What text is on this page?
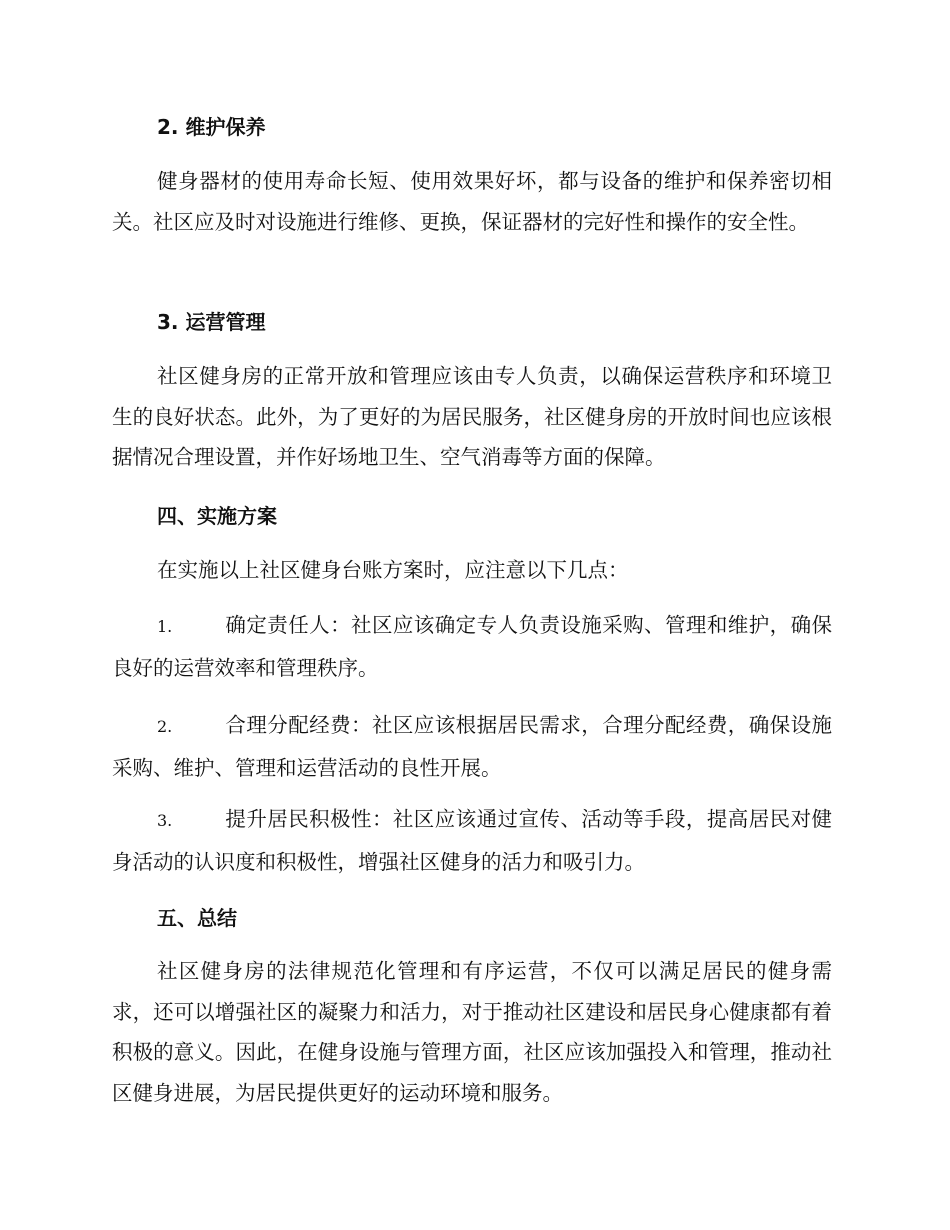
2. 维护保养

健身器材的使用寿命长短、使用效果好坏，都与设备的维护和保养密切相关。社区应及时对设施进行维修、更换，保证器材的完好性和操作的安全性。

3. 运营管理

社区健身房的正常开放和管理应该由专人负责，以确保运营秩序和环境卫生的良好状态。此外，为了更好的为居民服务，社区健身房的开放时间也应该根据情况合理设置，并作好场地卫生、空气消毒等方面的保障。

四、实施方案

在实施以上社区健身台账方案时，应注意以下几点：

1.	确定责任人：社区应该确定专人负责设施采购、管理和维护，确保良好的运营效率和管理秩序。

2.	合理分配经费：社区应该根据居民需求，合理分配经费，确保设施采购、维护、管理和运营活动的良性开展。

3.	提升居民积极性：社区应该通过宣传、活动等手段，提高居民对健身活动的认识度和积极性，增强社区健身的活力和吸引力。

五、总结

社区健身房的法律规范化管理和有序运营，不仅可以满足居民的健身需求，还可以增强社区的凝聚力和活力，对于推动社区建设和居民身心健康都有着积极的意义。因此，在健身设施与管理方面，社区应该加强投入和管理，推动社区健身进展，为居民提供更好的运动环境和服务。
